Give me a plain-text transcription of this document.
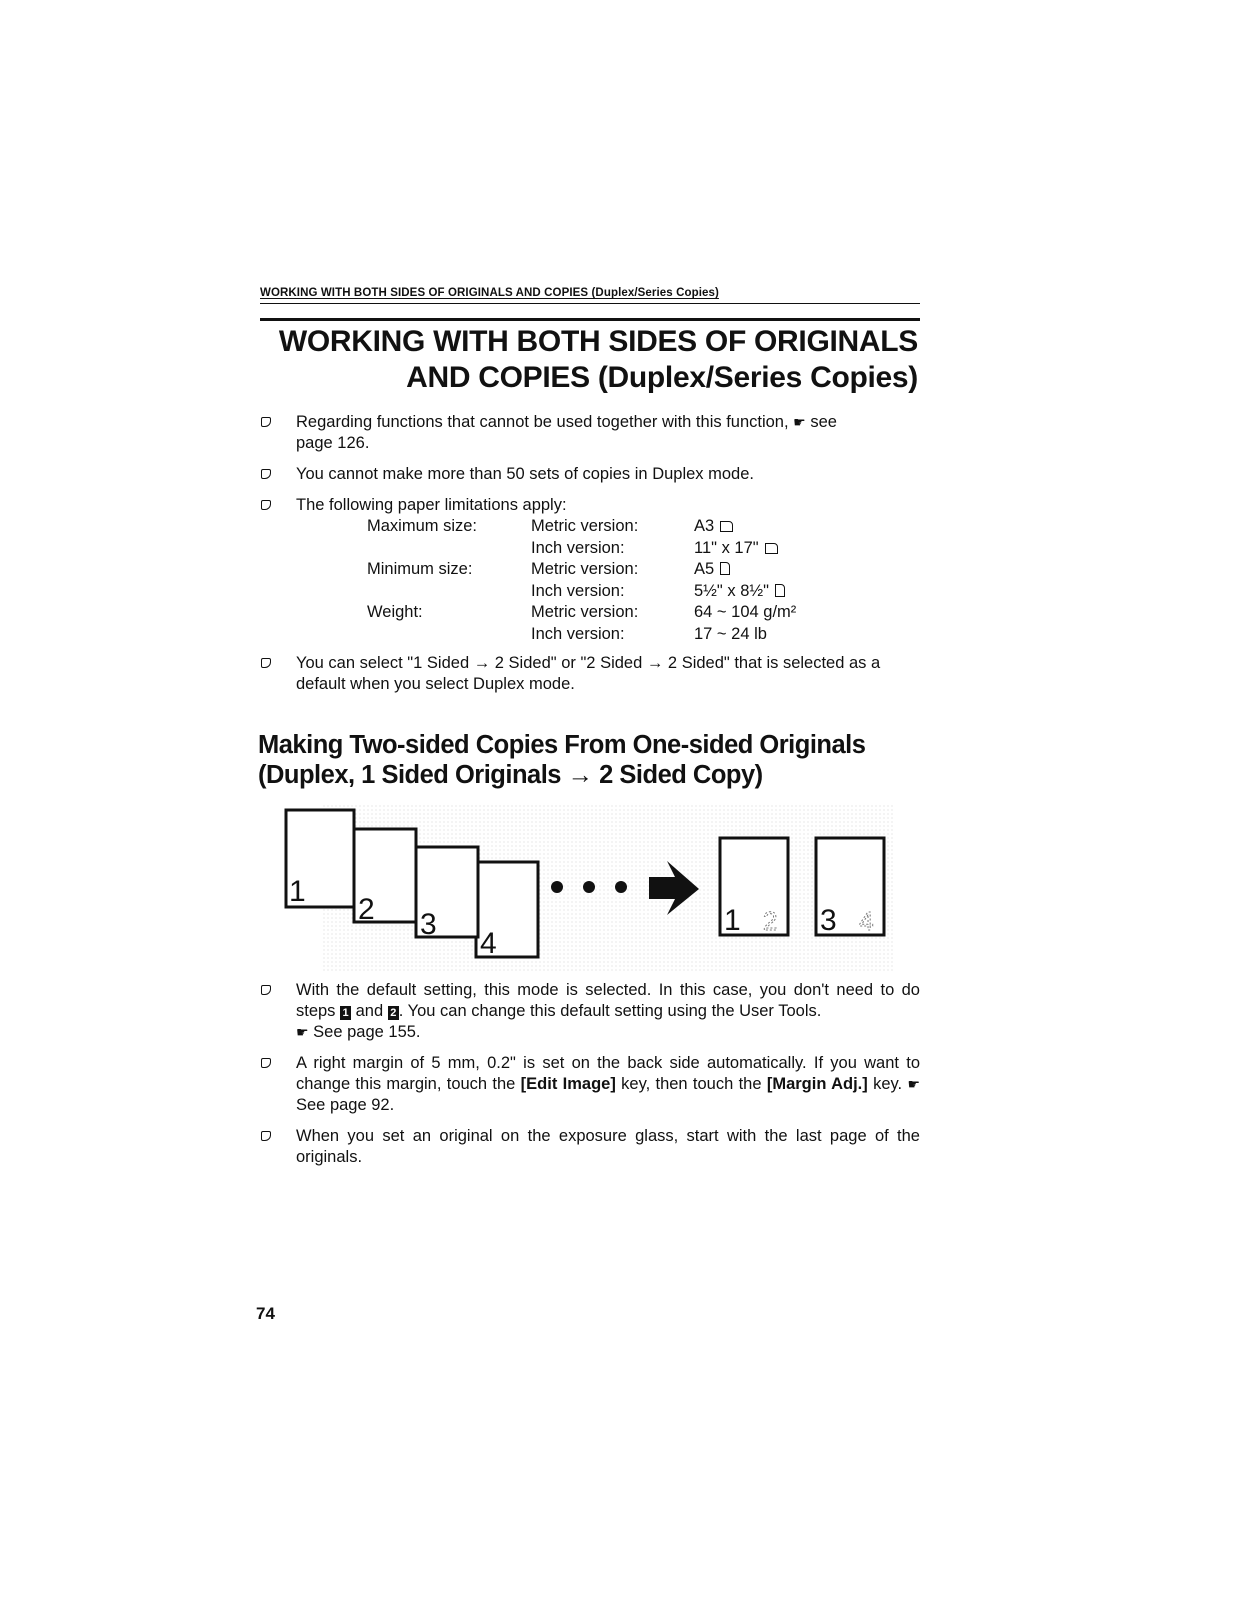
WORKING WITH BOTH SIDES OF ORIGINALS AND COPIES (Duplex/Series Copies)
WORKING WITH BOTH SIDES OF ORIGINALS
AND COPIES (Duplex/Series Copies)

Regarding functions that cannot be used together with this function, ☛ see
page 126.

You cannot make more than 50 sets of copies in Duplex mode.

The following paper limitations apply:

Maximum size:	Metric version:	A3
	Inch version:	11" x 17"
Minimum size:	Metric version:	A5
	Inch version:	5½" x 8½"
Weight:	Metric version:	64 ~ 104 g/m²
	Inch version:	17 ~ 24 lb

You can select "1 Sided → 2 Sided" or "2 Sided → 2 Sided" that is selected as a default when you select Duplex mode.

Making Two-sided Copies From One-sided Originals
(Duplex, 1 Sided Originals → 2 Sided Copy)
4
3
2
1
1 2 3 4

With the default setting, this mode is selected. In this case, you don't need to do steps 1 and 2 . You can change this default setting using the User Tools.
☛ See page 155.

A right margin of 5 mm, 0.2" is set on the back side automatically. If you want to change this margin, touch the [Edit Image] key, then touch the [Margin Adj.] key. ☛ See page 92.

When you set an original on the exposure glass, start with the last page of the originals.

74
